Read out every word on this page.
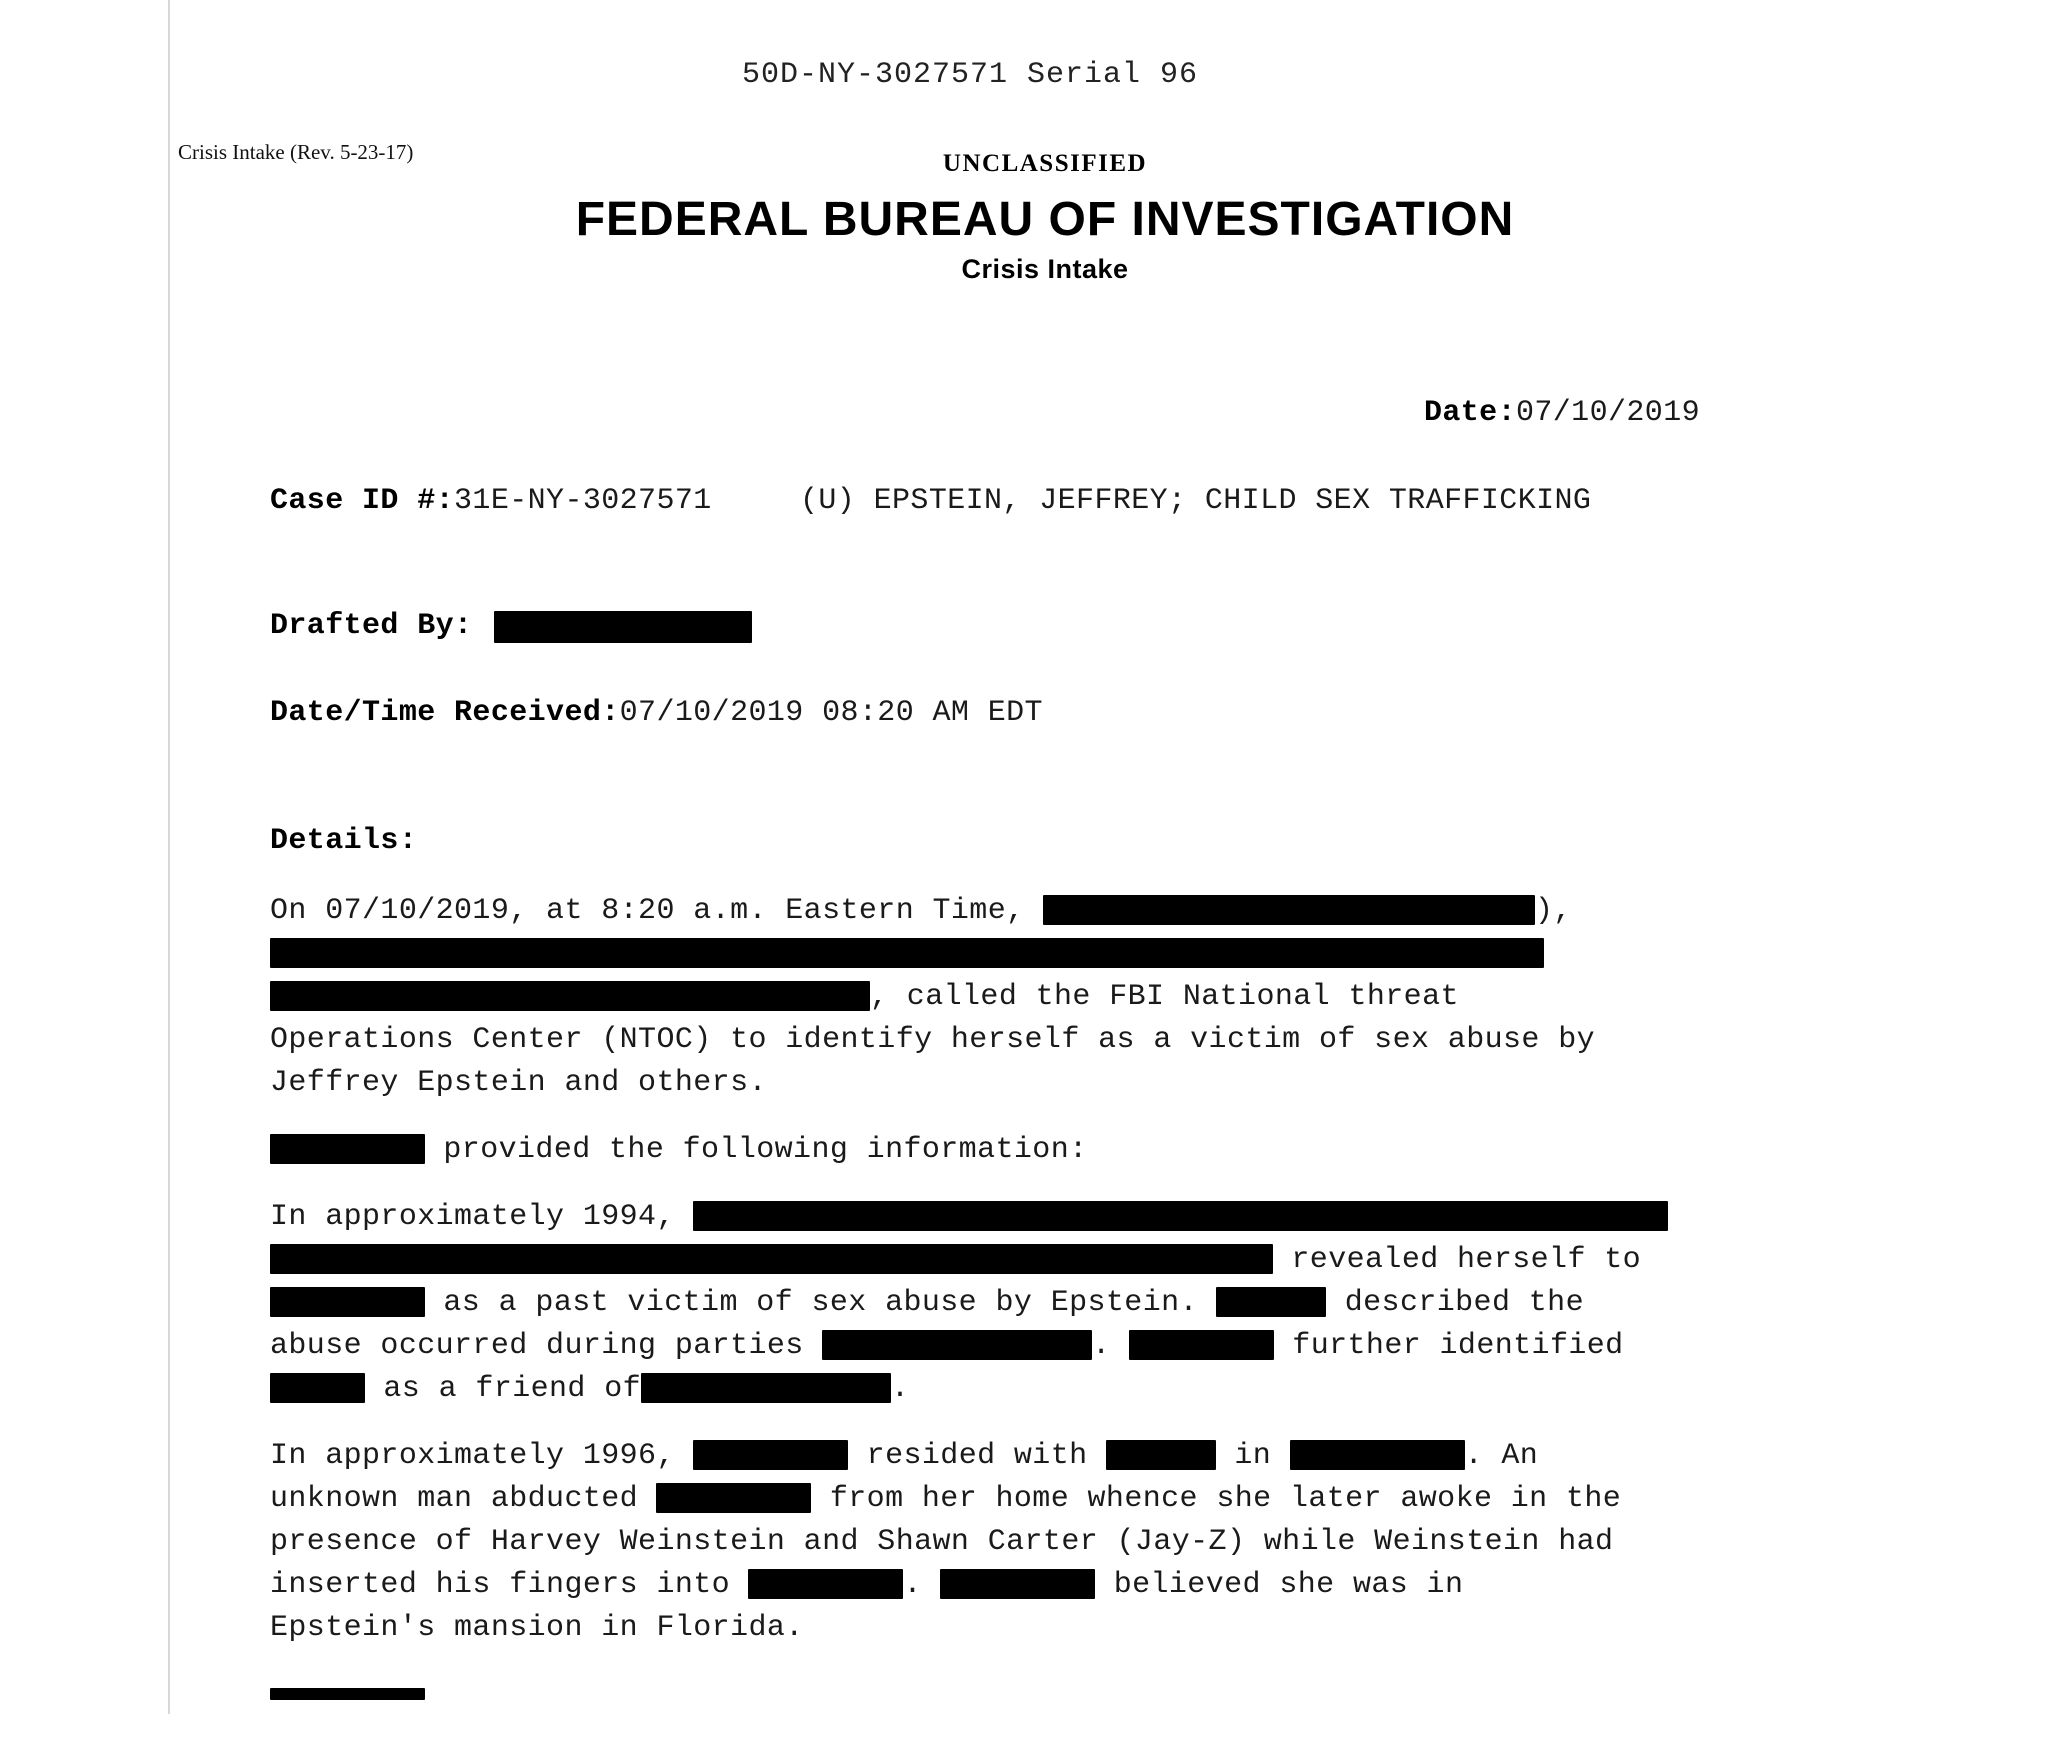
50D-NY-3027571 Serial 96
Crisis Intake (Rev. 5-23-17)	UNCLASSIFIED
FEDERAL BUREAU OF INVESTIGATION
Crisis Intake
Date:07/10/2019
Case ID #:31E-NY-3027571	(U) EPSTEIN, JEFFREY; CHILD SEX TRAFFICKING
Drafted By:
Date/Time Received:07/10/2019 08:20 AM EDT
Details:

On 07/10/2019, at 8:20 a.m. Eastern Time,	),
, called the FBI National threat
Operations Center (NTOC) to identify herself as a victim of sex abuse by
Jeffrey Epstein and others.

provided the following information:

In approximately 1994,
revealed herself to
as a past victim of sex abuse by Epstein.	described the
abuse occurred during parties	.	further identified
as a friend of	.

In approximately 1996,	resided with	in	. An
unknown man abducted	from her home whence she later awoke in the
presence of Harvey Weinstein and Shawn Carter (Jay-Z) while Weinstein had
inserted his fingers into	.	believed she was in
Epstein's mansion in Florida.
